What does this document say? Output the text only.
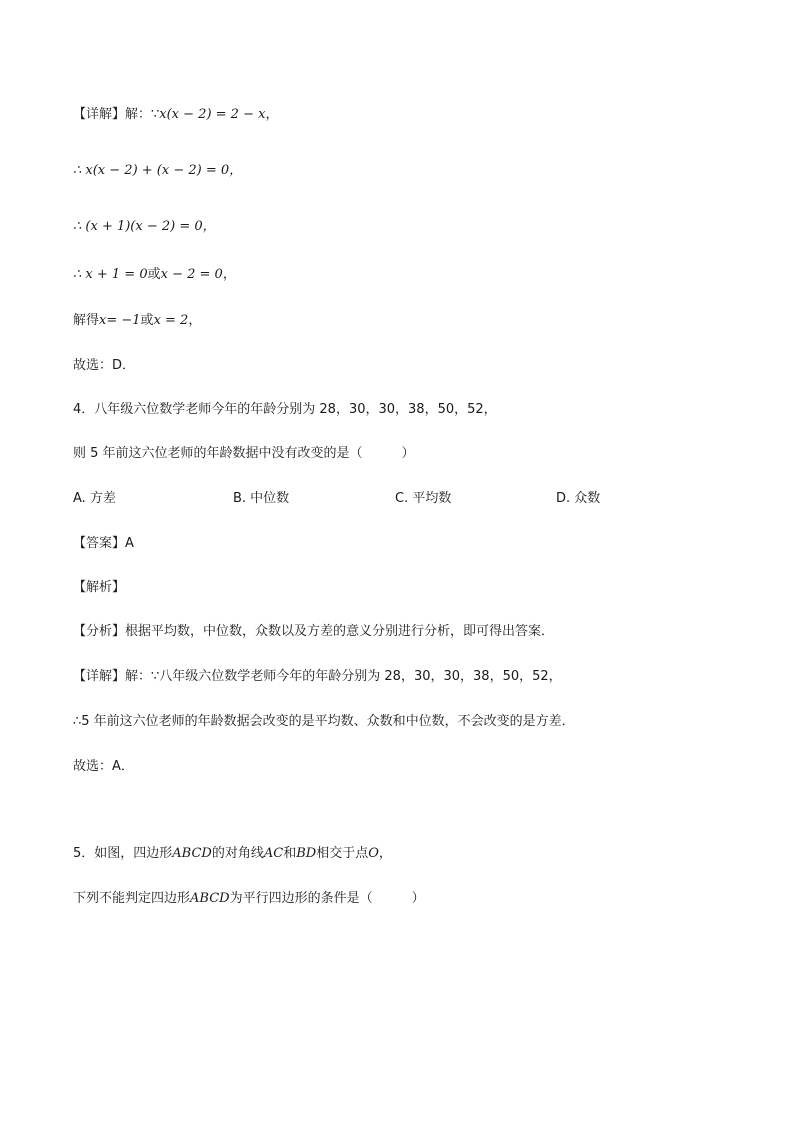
【详解】解：∵x(x − 2) = 2 − x，
∴ x(x − 2) + (x − 2) = 0，
∴ (x + 1)(x − 2) = 0，
∴ x + 1 = 0或x − 2 = 0，
解得x= −1或x = 2，
故选：D．
4．八年级六位数学老师今年的年龄分别为 28，30，30，38，50，52，
则 5 年前这六位老师的年龄数据中没有改变的是（　　　）
A. 方差	B. 中位数	C. 平均数	D. 众数
【答案】A
【解析】
【分析】根据平均数，中位数，众数以及方差的意义分别进行分析，即可得出答案．
【详解】解：∵八年级六位数学老师今年的年龄分别为 28，30，30，38，50，52，
∴5 年前这六位老师的年龄数据会改变的是平均数、众数和中位数，不会改变的是方差．
故选：A．
5．如图，四边形ABCD的对角线AC和BD相交于点O，
下列不能判定四边形ABCD为平行四边形的条件是（　　　）
